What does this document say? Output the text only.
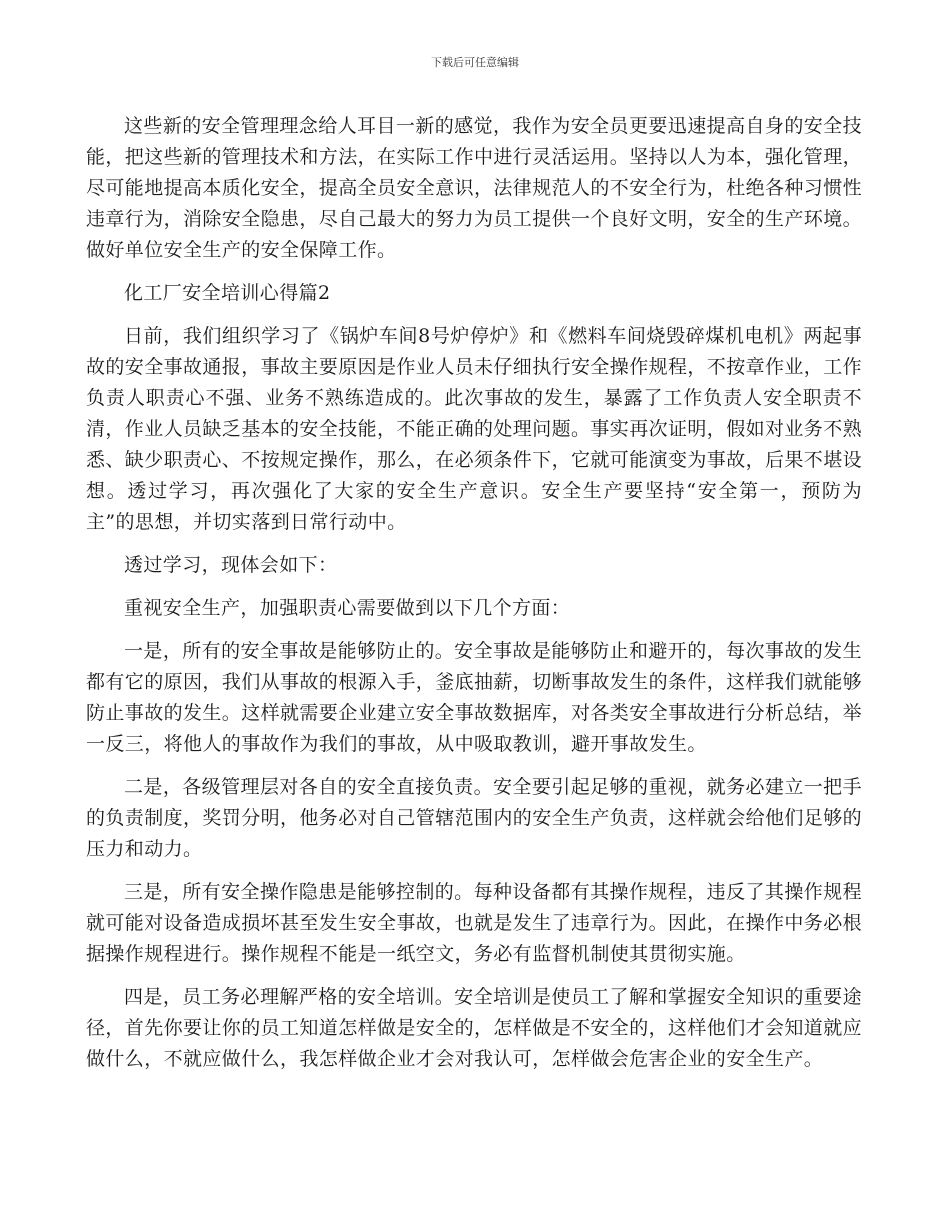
下载后可任意编辑

这些新的安全管理理念给人耳目一新的感觉，我作为安全员更要迅速提高自身的安全技能，把这些新的管理技术和方法，在实际工作中进行灵活运用。坚持以人为本，强化管理，尽可能地提高本质化安全，提高全员安全意识，法律规范人的不安全行为，杜绝各种习惯性违章行为，消除安全隐患，尽自己最大的努力为员工提供一个良好文明，安全的生产环境。做好单位安全生产的安全保障工作。

化工厂安全培训心得篇2

日前，我们组织学习了《锅炉车间8号炉停炉》和《燃料车间烧毁碎煤机电机》两起事故的安全事故通报，事故主要原因是作业人员未仔细执行安全操作规程，不按章作业，工作负责人职责心不强、业务不熟练造成的。此次事故的发生，暴露了工作负责人安全职责不清，作业人员缺乏基本的安全技能，不能正确的处理问题。事实再次证明，假如对业务不熟悉、缺少职责心、不按规定操作，那么，在必须条件下，它就可能演变为事故，后果不堪设想。透过学习，再次强化了大家的安全生产意识。安全生产要坚持“安全第一，预防为主”的思想，并切实落到日常行动中。

透过学习，现体会如下：

重视安全生产，加强职责心需要做到以下几个方面：

一是，所有的安全事故是能够防止的。安全事故是能够防止和避开的，每次事故的发生都有它的原因，我们从事故的根源入手，釜底抽薪，切断事故发生的条件，这样我们就能够防止事故的发生。这样就需要企业建立安全事故数据库，对各类安全事故进行分析总结，举一反三，将他人的事故作为我们的事故，从中吸取教训，避开事故发生。

二是，各级管理层对各自的安全直接负责。安全要引起足够的重视，就务必建立一把手的负责制度，奖罚分明，他务必对自己管辖范围内的安全生产负责，这样就会给他们足够的压力和动力。

三是，所有安全操作隐患是能够控制的。每种设备都有其操作规程，违反了其操作规程就可能对设备造成损坏甚至发生安全事故，也就是发生了违章行为。因此，在操作中务必根据操作规程进行。操作规程不能是一纸空文，务必有监督机制使其贯彻实施。

四是，员工务必理解严格的安全培训。安全培训是使员工了解和掌握安全知识的重要途径，首先你要让你的员工知道怎样做是安全的，怎样做是不安全的，这样他们才会知道就应做什么，不就应做什么，我怎样做企业才会对我认可，怎样做会危害企业的安全生产。
